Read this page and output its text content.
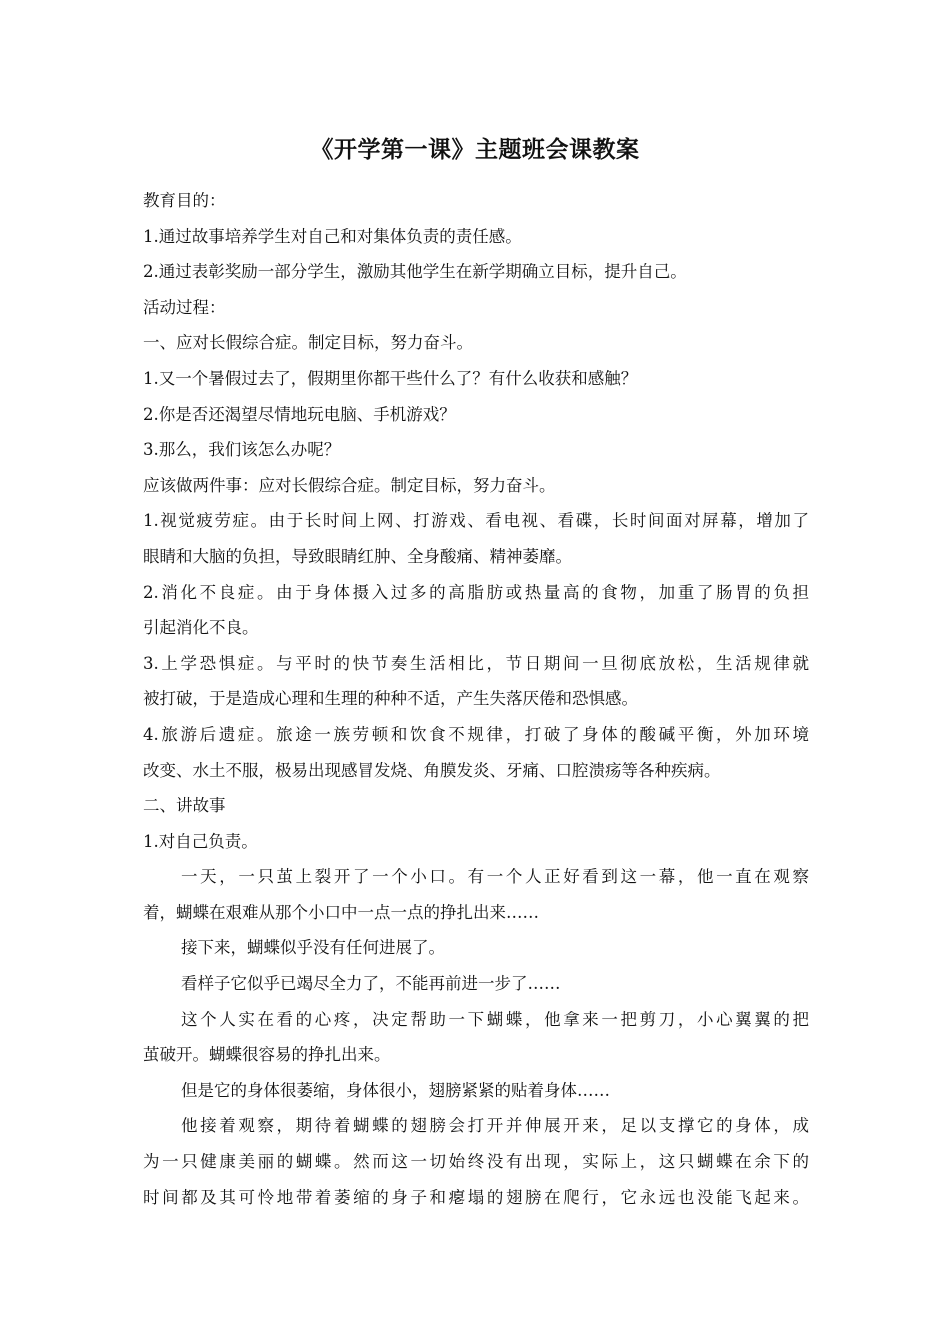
《开学第一课》主题班会课教案
教育目的：
1.通过故事培养学生对自己和对集体负责的责任感。
2.通过表彰奖励一部分学生，激励其他学生在新学期确立目标，提升自己。
活动过程：
一、应对长假综合症。制定目标，努力奋斗。
1.又一个暑假过去了，假期里你都干些什么了？有什么收获和感触？
2.你是否还渴望尽情地玩电脑、手机游戏？
3.那么，我们该怎么办呢？
应该做两件事：应对长假综合症。制定目标，努力奋斗。
1.视觉疲劳症。由于长时间上网、打游戏、看电视、看碟，长时间面对屏幕，增加了
眼睛和大脑的负担，导致眼睛红肿、全身酸痛、精神萎靡。
2.消化不良症。由于身体摄入过多的高脂肪或热量高的食物，加重了肠胃的负担
引起消化不良。
3.上学恐惧症。与平时的快节奏生活相比，节日期间一旦彻底放松，生活规律就
被打破，于是造成心理和生理的种种不适，产生失落厌倦和恐惧感。
4.旅游后遗症。旅途一族劳顿和饮食不规律，打破了身体的酸碱平衡，外加环境
改变、水土不服，极易出现感冒发烧、角膜发炎、牙痛、口腔溃疡等各种疾病。
二、讲故事
1.对自己负责。
一天，一只茧上裂开了一个小口。有一个人正好看到这一幕，他一直在观察
着，蝴蝶在艰难从那个小口中一点一点的挣扎出来……
接下来，蝴蝶似乎没有任何进展了。
看样子它似乎已竭尽全力了，不能再前进一步了……
这个人实在看的心疼，决定帮助一下蝴蝶，他拿来一把剪刀，小心翼翼的把
茧破开。蝴蝶很容易的挣扎出来。
但是它的身体很萎缩，身体很小，翅膀紧紧的贴着身体……
他接着观察，期待着蝴蝶的翅膀会打开并伸展开来，足以支撑它的身体，成
为一只健康美丽的蝴蝶。然而这一切始终没有出现，实际上，这只蝴蝶在余下的
时间都及其可怜地带着萎缩的身子和瘪塌的翅膀在爬行，它永远也没能飞起来。
